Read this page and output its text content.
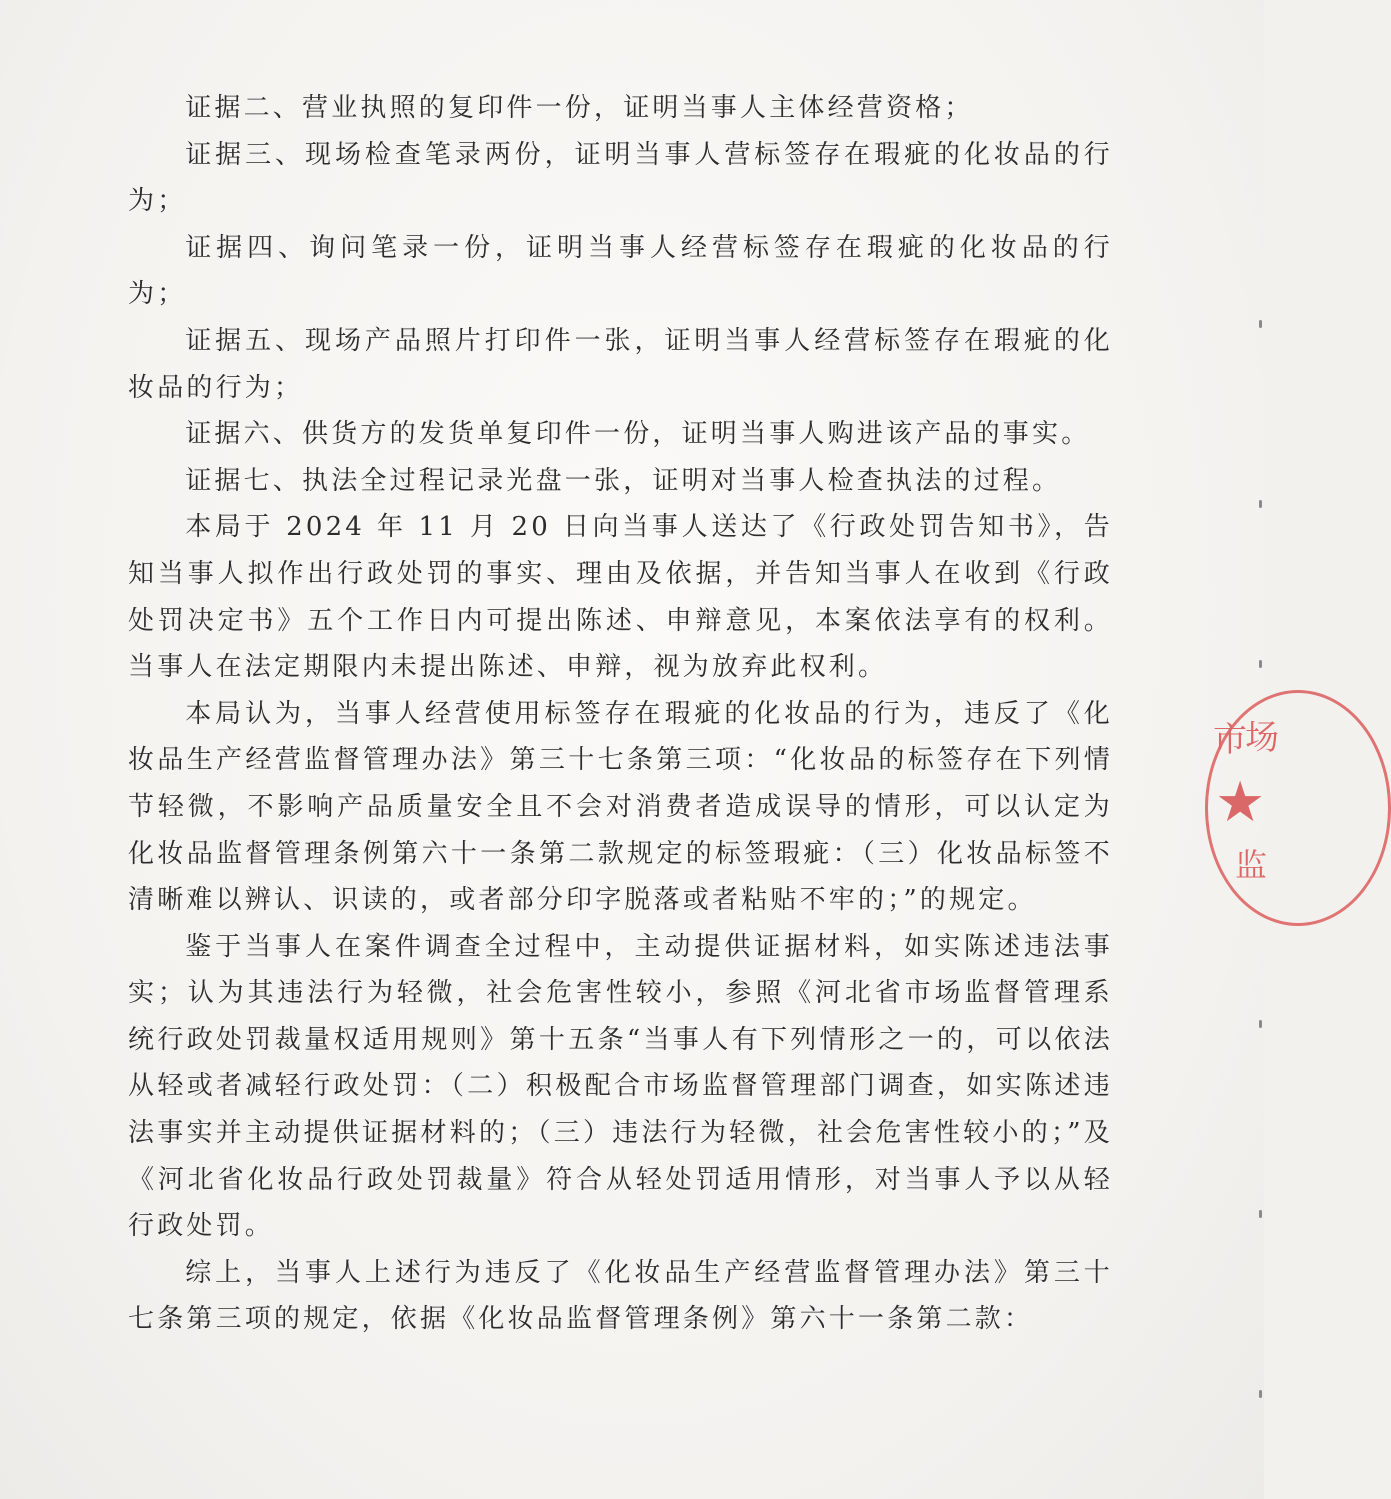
证据二、营业执照的复印件一份，证明当事人主体经营资格；

证据三、现场检查笔录两份，证明当事人营标签存在瑕疵的化妆品的行为；

证据四、询问笔录一份，证明当事人经营标签存在瑕疵的化妆品的行为；

证据五、现场产品照片打印件一张，证明当事人经营标签存在瑕疵的化妆品的行为；

证据六、供货方的发货单复印件一份，证明当事人购进该产品的事实。

证据七、执法全过程记录光盘一张，证明对当事人检查执法的过程。

本局于 2024 年 11 月 20 日向当事人送达了《行政处罚告知书》，告知当事人拟作出行政处罚的事实、理由及依据，并告知当事人在收到《行政处罚决定书》五个工作日内可提出陈述、申辩意见，本案依法享有的权利。当事人在法定期限内未提出陈述、申辩，视为放弃此权利。

本局认为，当事人经营使用标签存在瑕疵的化妆品的行为，违反了《化妆品生产经营监督管理办法》第三十七条第三项：“化妆品的标签存在下列情节轻微，不影响产品质量安全且不会对消费者造成误导的情形，可以认定为化妆品监督管理条例第六十一条第二款规定的标签瑕疵：（三）化妆品标签不清晰难以辨认、识读的，或者部分印字脱落或者粘贴不牢的；”的规定。

鉴于当事人在案件调查全过程中，主动提供证据材料，如实陈述违法事实；认为其违法行为轻微，社会危害性较小，参照《河北省市场监督管理系统行政处罚裁量权适用规则》第十五条“当事人有下列情形之一的，可以依法从轻或者减轻行政处罚：（二）积极配合市场监督管理部门调查，如实陈述违法事实并主动提供证据材料的；（三）违法行为轻微，社会危害性较小的；”及《河北省化妆品行政处罚裁量》符合从轻处罚适用情形，对当事人予以从轻行政处罚。

综上，当事人上述行为违反了《化妆品生产经营监督管理办法》第三十七条第三项的规定，依据《化妆品监督管理条例》第六十一条第二款：

市
场
★
监
